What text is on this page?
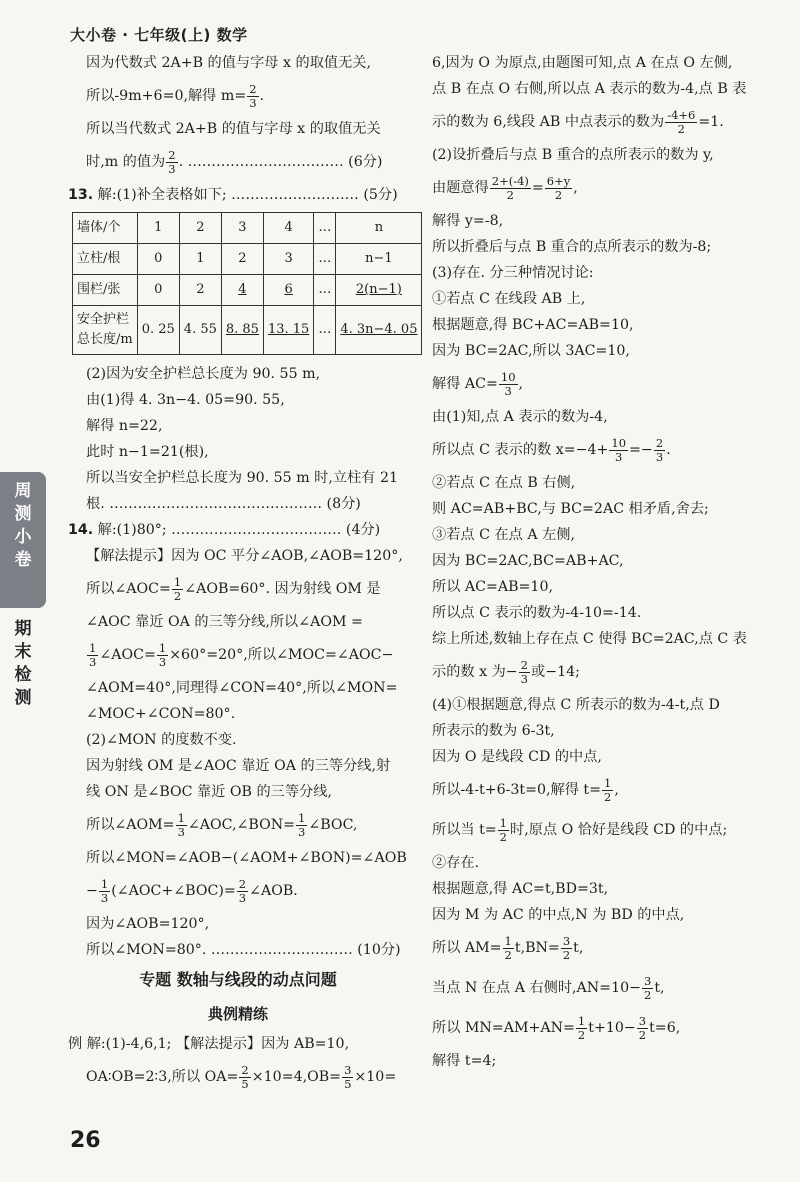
大小卷 · 七年级(上) 数学
周测小卷
期末检测
因为代数式 2A+B 的值与字母 x 的取值无关,
所以-9m+6=0,解得 $m= \frac{2}{3}$ .
所以当代数式 2A+B 的值与字母 x 的取值无关
时,m 的值为 $\frac{2}{3}$ . …………………………… (6分)
13. 解:(1)补全表格如下; ……………………… (5分)
墙体/个	1	2	3	4	…	n
立柱/根	0	1	2	3	…	n−1
围栏/张	0	2	4	6	…	2(n−1)
安全护栏
总长度/m	0. 25	4. 55	8. 85	13. 15	…	4. 3n−4. 05
(2)因为安全护栏总长度为 90. 55 m,
由(1)得 4. 3n−4. 05=90. 55,
解得 n=22,
此时 n−1=21(根),
所以当安全护栏总长度为 90. 55 m 时,立柱有 21
根. ……………………………………… (8分)
14. 解:(1)80°; ……………………………… (4分)
【解法提示】因为 OC 平分∠AOB,∠AOB=120°,
所以∠AOC= $\frac{1}{2}$ ∠AOB=60°. 因为射线 OM 是
∠AOC 靠近 OA 的三等分线,所以∠AOM =
$\frac{1}{3}$ ∠AOC= $\frac{1}{3} \times 60^\circ=20^\circ$,所以∠MOC=∠AOC−
∠AOM=40°,同理得∠CON=40°,所以∠MON=
∠MOC+∠CON=80°.
(2)∠MON 的度数不变.
因为射线 OM 是∠AOC 靠近 OA 的三等分线,射
线 ON 是∠BOC 靠近 OB 的三等分线,
所以∠AOM= $\frac{1}{3}$ ∠AOC,∠BON= $\frac{1}{3}$ ∠BOC,
所以∠MON=∠AOB−(∠AOM+∠BON)=∠AOB
− $\frac{1}{3}$ (∠AOC+∠BOC)= $\frac{2}{3}$ ∠AOB.
因为∠AOB=120°,
所以∠MON=80°. ………………………… (10分)
专题 数轴与线段的动点问题
典例精练
例 解:(1)-4,6,1; 【解法提示】因为 AB=10,
OA∶OB=2∶3,所以 $OA= \frac{2}{5} \times 10=4,OB= \frac{3}{5} \times 10=$
6,因为 O 为原点,由题图可知,点 A 在点 O 左侧,
点 B 在点 O 右侧,所以点 A 表示的数为-4,点 B 表
示的数为 6,线段 AB 中点表示的数为 $\frac{-4+6}{2} =1$.
(2)设折叠后与点 B 重合的点所表示的数为 y,
由题意得 $\frac{2+(-4)}{2} = \frac{6+y}{2}$ ,
解得 y=-8,
所以折叠后与点 B 重合的点所表示的数为-8;
(3)存在. 分三种情况讨论:
①若点 C 在线段 AB 上,
根据题意,得 BC+AC=AB=10,
因为 BC=2AC,所以 3AC=10,
解得 $AC= \frac{10}{3}$ ,
由(1)知,点 A 表示的数为-4,
所以点 C 表示的数 $x=-4+ \frac{10}{3} =- \frac{2}{3}$ .
②若点 C 在点 B 右侧,
则 AC=AB+BC,与 BC=2AC 相矛盾,舍去;
③若点 C 在点 A 左侧,
因为 BC=2AC,BC=AB+AC,
所以 AC=AB=10,
所以点 C 表示的数为-4-10=-14.
综上所述,数轴上存在点 C 使得 BC=2AC,点 C 表
示的数 x 为− $\frac{2}{3}$ 或−14;
(4)①根据题意,得点 C 所表示的数为-4-t,点 D
所表示的数为 6-3t,
因为 O 是线段 CD 的中点,
所以-4-t+6-3t=0,解得 $t= \frac{1}{2}$ ,
所以当 $t= \frac{1}{2}$ 时,原点 O 恰好是线段 CD 的中点;
②存在.
根据题意,得 AC=t,BD=3t,
因为 M 为 AC 的中点,N 为 BD 的中点,
所以 $AM= \frac{1}{2} t,BN= \frac{3}{2} t$,
当点 N 在点 A 右侧时$,AN=10- \frac{3}{2} t$,
所以 $MN=AM+AN= \frac{1}{2} t+10- \frac{3}{2} t=6$,
解得 t=4;
26
